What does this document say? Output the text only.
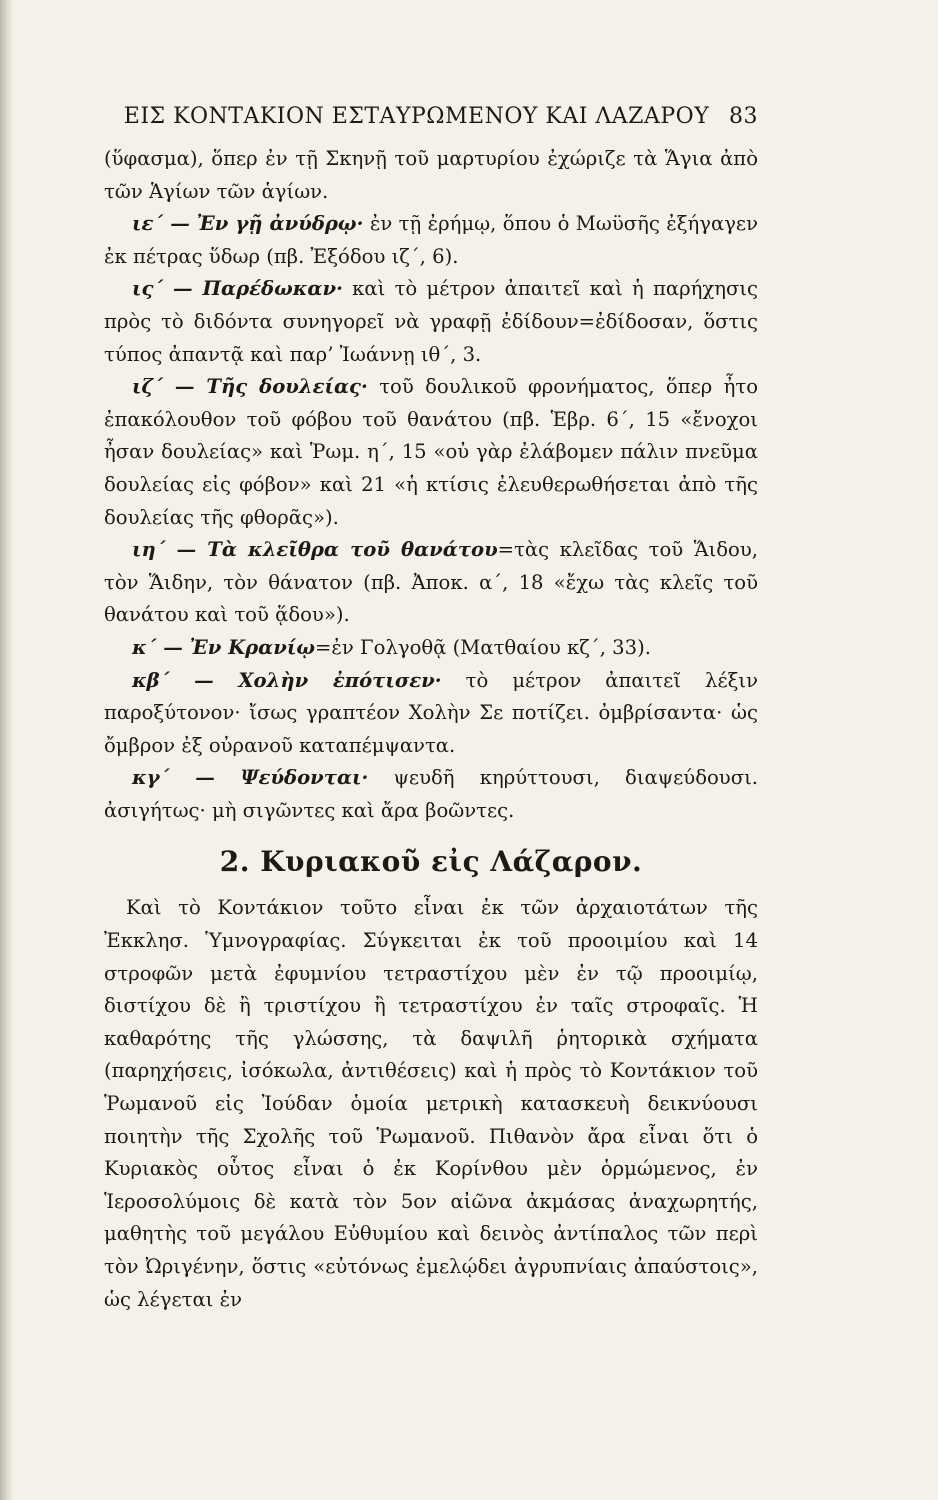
ΕΙΣ ΚΟΝΤΑΚΙΟΝ ΕΣΤΑΥΡΩΜΕΝΟΥ ΚΑΙ ΛΑΖΑΡΟΥ 83

(ὕφασμα), ὅπερ ἐν τῇ Σκηνῇ τοῦ μαρτυρίου ἐχώριζε τὰ Ἅγια ἀπὸ τῶν Ἁγίων τῶν ἁγίων.

ιε΄ — Ἐν γῇ ἀνύδρῳ· ἐν τῇ ἐρήμῳ, ὅπου ὁ Μωϋσῆς ἐξήγαγεν ἐκ πέτρας ὕδωρ (πβ. Ἐξόδου ιζ΄, 6).

ις΄ — Παρέδωκαν· καὶ τὸ μέτρον ἀπαιτεῖ καὶ ἡ παρήχησις πρὸς τὸ διδόντα συνηγορεῖ νὰ γραφῇ ἐδίδουν=ἐδίδοσαν, ὅστις τύπος ἀπαντᾷ καὶ παρ’ Ἰωάννῃ ιθ΄, 3.

ιζ΄ — Τῆς δουλείας· τοῦ δουλικοῦ φρονήματος, ὅπερ ἦτο ἐπακόλουθον τοῦ φόβου τοῦ θανάτου (πβ. Ἑβρ. 6΄, 15 «ἔνοχοι ἦσαν δουλείας» καὶ Ῥωμ. η΄, 15 «οὐ γὰρ ἐλάβομεν πάλιν πνεῦμα δουλείας εἰς φόβον» καὶ 21 «ἡ κτίσις ἐλευθερωθήσεται ἀπὸ τῆς δουλείας τῆς φθορᾶς»).

ιη΄ — Τὰ κλεῖθρα τοῦ θανάτου=τὰς κλεῖδας τοῦ Ἅιδου, τὸν Ἅιδην, τὸν θάνατον (πβ. Ἀποκ. α΄, 18 «ἔχω τὰς κλεῖς τοῦ θανάτου καὶ τοῦ ᾅδου»).

κ΄ — Ἐν Κρανίῳ=ἐν Γολγοθᾷ (Ματθαίου κζ΄, 33).

κβ΄ — Χολὴν ἐπότισεν· τὸ μέτρον ἀπαιτεῖ λέξιν παροξύτονον· ἴσως γραπτέον Χολὴν Σε ποτίζει. ὀμβρίσαντα· ὡς ὄμβρον ἐξ οὐρανοῦ καταπέμψαντα.

κγ΄ — Ψεύδονται· ψευδῆ κηρύττουσι, διαψεύδουσι. ἀσιγήτως· μὴ σιγῶντες καὶ ἄρα βοῶντες.

2. Κυριακοῦ εἰς Λάζαρον.

Καὶ τὸ Κοντάκιον τοῦτο εἶναι ἐκ τῶν ἀρχαιοτάτων τῆς Ἐκκλησ. Ὑμνογραφίας. Σύγκειται ἐκ τοῦ προοιμίου καὶ 14 στροφῶν μετὰ ἐφυμνίου τετραστίχου μὲν ἐν τῷ προοιμίῳ, διστίχου δὲ ἢ τριστίχου ἢ τετραστίχου ἐν ταῖς στροφαῖς. Ἡ καθαρότης τῆς γλώσσης, τὰ δαψιλῆ ῥητορικὰ σχήματα (παρηχήσεις, ἰσόκωλα, ἀντιθέσεις) καὶ ἡ πρὸς τὸ Κοντάκιον τοῦ Ῥωμανοῦ εἰς Ἰούδαν ὁμοία μετρικὴ κατασκευὴ δεικνύουσι ποιητὴν τῆς Σχολῆς τοῦ Ῥωμανοῦ. Πιθανὸν ἄρα εἶναι ὅτι ὁ Κυριακὸς οὗτος εἶναι ὁ ἐκ Κορίνθου μὲν ὁρμώμενος, ἐν Ἱεροσολύμοις δὲ κατὰ τὸν 5ον αἰῶνα ἀκμάσας ἀναχωρητής, μαθητὴς τοῦ μεγάλου Εὐθυμίου καὶ δεινὸς ἀντίπαλος τῶν περὶ τὸν Ὠριγένην, ὅστις «εὐτόνως ἐμελῴδει ἀγρυπνίαις ἀπαύστοις», ὡς λέγεται ἐν
